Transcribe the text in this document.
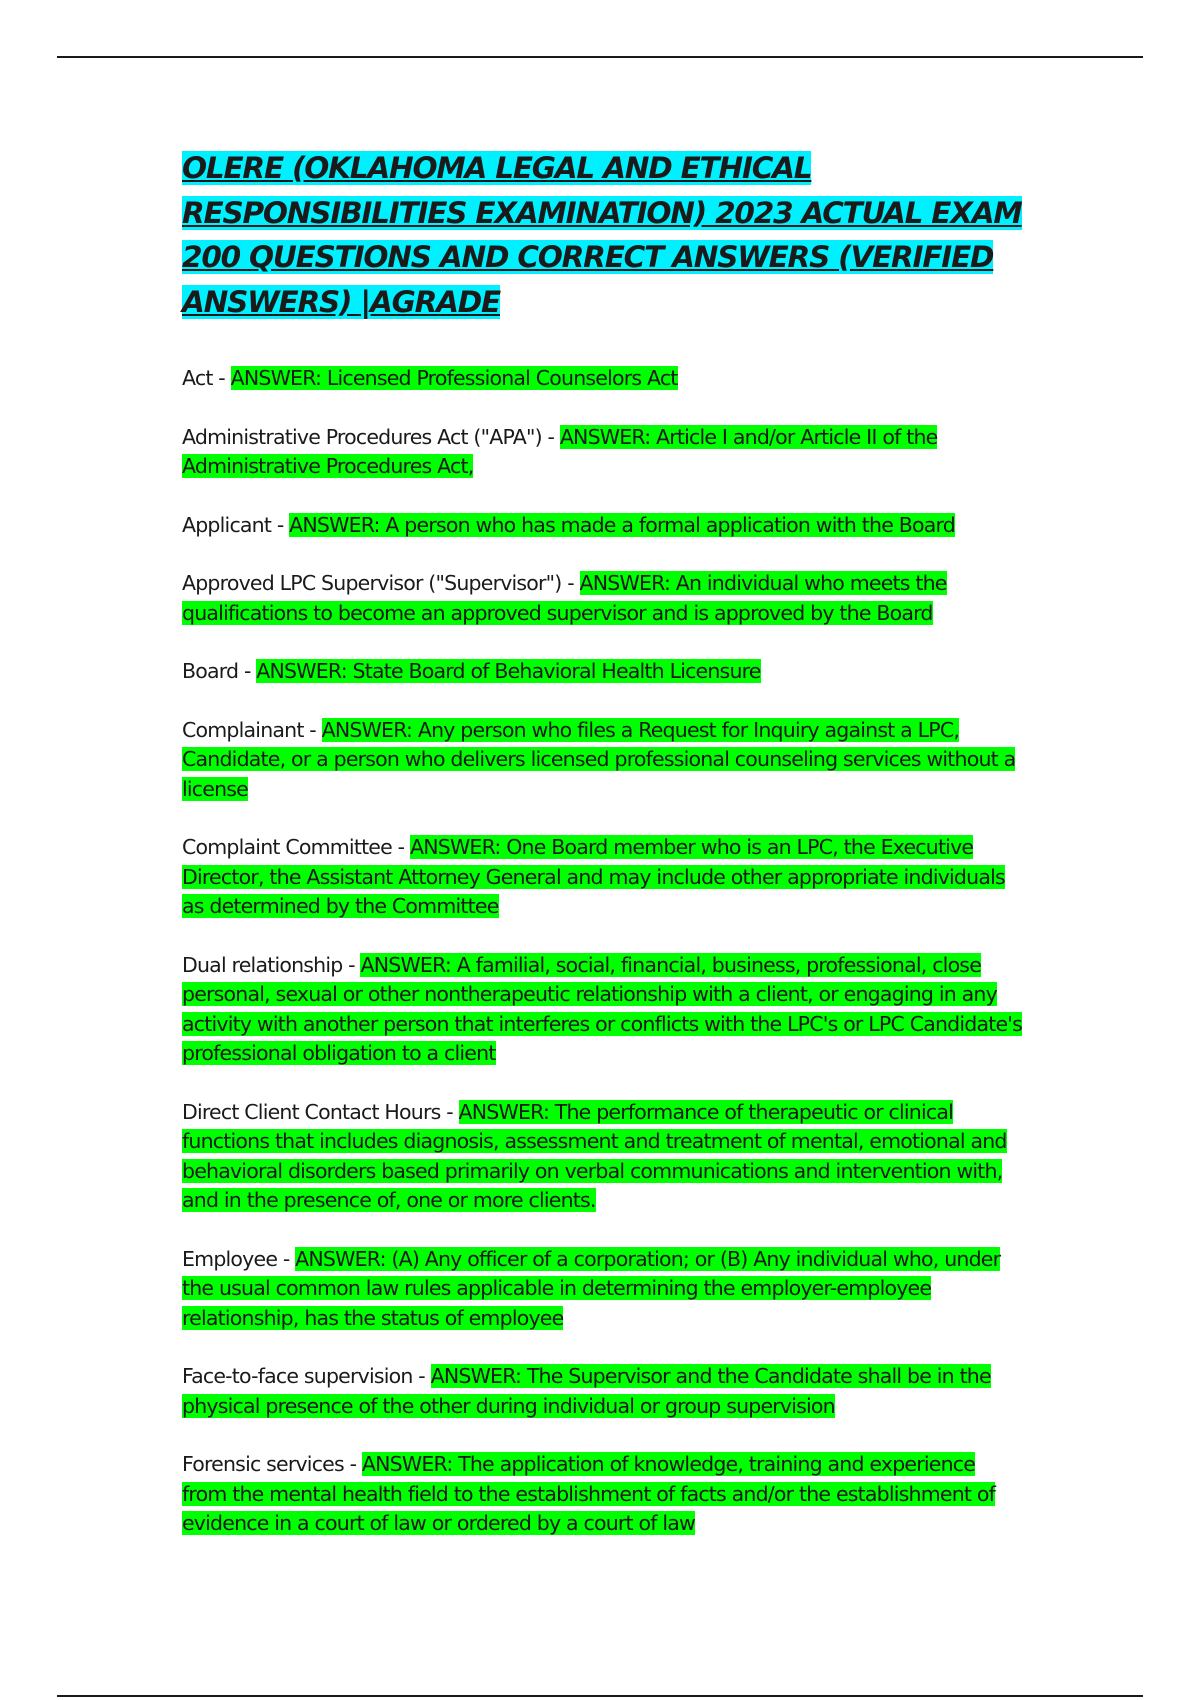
OLERE (OKLAHOMA LEGAL AND ETHICAL RESPONSIBILITIES EXAMINATION) 2023 ACTUAL EXAM 200 QUESTIONS AND CORRECT ANSWERS (VERIFIED ANSWERS) |AGRADE

Act - ANSWER: Licensed Professional Counselors Act

Administrative Procedures Act ("APA") - ANSWER: Article I and/or Article II of the Administrative Procedures Act,

Applicant - ANSWER: A person who has made a formal application with the Board

Approved LPC Supervisor ("Supervisor") - ANSWER: An individual who meets the qualifications to become an approved supervisor and is approved by the Board

Board - ANSWER: State Board of Behavioral Health Licensure

Complainant - ANSWER: Any person who files a Request for Inquiry against a LPC, Candidate, or a person who delivers licensed professional counseling services without a license

Complaint Committee - ANSWER: One Board member who is an LPC, the Executive Director, the Assistant Attorney General and may include other appropriate individuals as determined by the Committee

Dual relationship - ANSWER: A familial, social, financial, business, professional, close personal, sexual or other nontherapeutic relationship with a client, or engaging in any activity with another person that interferes or conflicts with the LPC's or LPC Candidate's professional obligation to a client

Direct Client Contact Hours - ANSWER: The performance of therapeutic or clinical functions that includes diagnosis, assessment and treatment of mental, emotional and behavioral disorders based primarily on verbal communications and intervention with, and in the presence of, one or more clients.

Employee - ANSWER: (A) Any officer of a corporation; or (B) Any individual who, under the usual common law rules applicable in determining the employer-employee relationship, has the status of employee

Face-to-face supervision - ANSWER: The Supervisor and the Candidate shall be in the physical presence of the other during individual or group supervision

Forensic services - ANSWER: The application of knowledge, training and experience from the mental health field to the establishment of facts and/or the establishment of evidence in a court of law or ordered by a court of law
